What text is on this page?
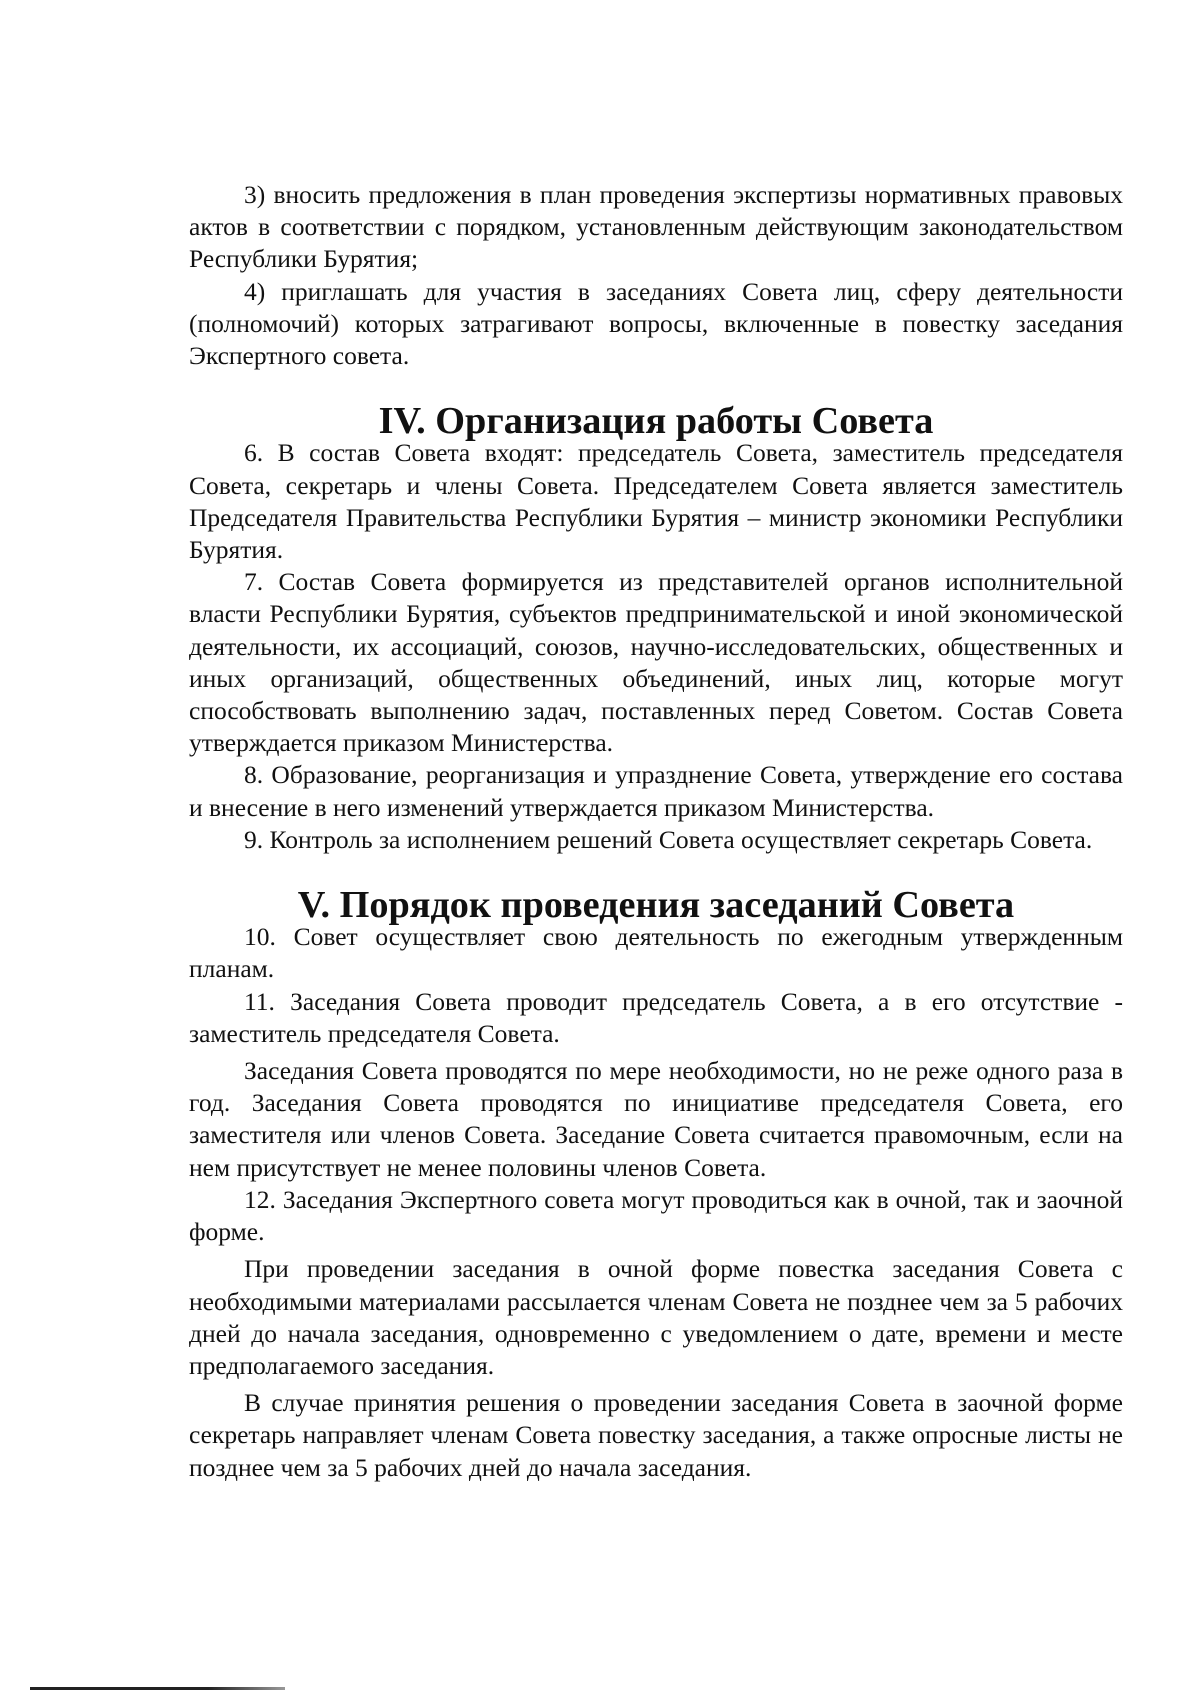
3) вносить предложения в план проведения экспертизы нормативных правовых актов в соответствии с порядком, установленным действующим законодательством Республики Бурятия;

4) приглашать для участия в заседаниях Совета лиц, сферу деятельности (полномочий) которых затрагивают вопросы, включенные в повестку заседания Экспертного совета.

IV. Организация работы Совета

6. В состав Совета входят: председатель Совета, заместитель председателя Совета, секретарь и члены Совета. Председателем Совета является заместитель Председателя Правительства Республики Бурятия – министр экономики Республики Бурятия.

7. Состав Совета формируется из представителей органов исполнительной власти Республики Бурятия, субъектов предпринимательской и иной экономической деятельности, их ассоциаций, союзов, научно-исследовательских, общественных и иных организаций, общественных объединений, иных лиц, которые могут способствовать выполнению задач, поставленных перед Советом. Состав Совета утверждается приказом Министерства.

8. Образование, реорганизация и упразднение Совета, утверждение его состава и внесение в него изменений утверждается приказом Министерства.

9. Контроль за исполнением решений Совета осуществляет секретарь Совета.

V. Порядок проведения заседаний Совета

10. Совет осуществляет свою деятельность по ежегодным утвержденным планам.

11. Заседания Совета проводит председатель Совета, а в его отсутствие - заместитель председателя Совета.

Заседания Совета проводятся по мере необходимости, но не реже одного раза в год. Заседания Совета проводятся по инициативе председателя Совета, его заместителя или членов Совета. Заседание Совета считается правомочным, если на нем присутствует не менее половины членов Совета.

12. Заседания Экспертного совета могут проводиться как в очной, так и заочной форме.

При проведении заседания в очной форме повестка заседания Совета с необходимыми материалами рассылается членам Совета не позднее чем за 5 рабочих дней до начала заседания, одновременно с уведомлением о дате, времени и месте предполагаемого заседания.

В случае принятия решения о проведении заседания Совета в заочной форме секретарь направляет членам Совета повестку заседания, а также опросные листы не позднее чем за 5 рабочих дней до начала заседания.
